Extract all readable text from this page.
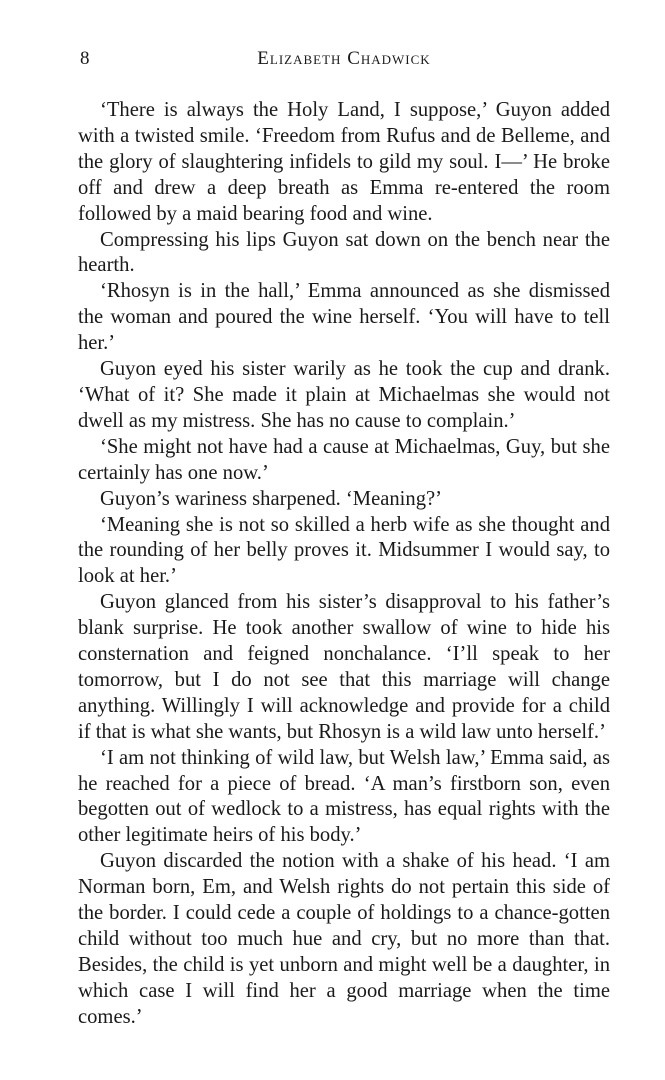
8	Elizabeth Chadwick

‘There is always the Holy Land, I suppose,’ Guyon added with a twisted smile. ‘Freedom from Rufus and de Belleme, and the glory of slaughtering infidels to gild my soul. I—’ He broke off and drew a deep breath as Emma re-entered the room followed by a maid bearing food and wine.

Compressing his lips Guyon sat down on the bench near the hearth.

‘Rhosyn is in the hall,’ Emma announced as she dismissed the woman and poured the wine herself. ‘You will have to tell her.’

Guyon eyed his sister warily as he took the cup and drank. ‘What of it? She made it plain at Michaelmas she would not dwell as my mistress. She has no cause to complain.’

‘She might not have had a cause at Michaelmas, Guy, but she certainly has one now.’

Guyon’s wariness sharpened. ‘Meaning?’

‘Meaning she is not so skilled a herb wife as she thought and the rounding of her belly proves it. Midsummer I would say, to look at her.’

Guyon glanced from his sister’s disapproval to his father’s blank surprise. He took another swallow of wine to hide his consternation and feigned nonchalance. ‘I’ll speak to her tomorrow, but I do not see that this marriage will change anything. Willingly I will acknowledge and provide for a child if that is what she wants, but Rhosyn is a wild law unto herself.’

‘I am not thinking of wild law, but Welsh law,’ Emma said, as he reached for a piece of bread. ‘A man’s firstborn son, even begotten out of wedlock to a mistress, has equal rights with the other legitimate heirs of his body.’

Guyon discarded the notion with a shake of his head. ‘I am Norman born, Em, and Welsh rights do not pertain this side of the border. I could cede a couple of holdings to a chance-gotten child without too much hue and cry, but no more than that. Besides, the child is yet unborn and might well be a daughter, in which case I will find her a good marriage when the time comes.’
